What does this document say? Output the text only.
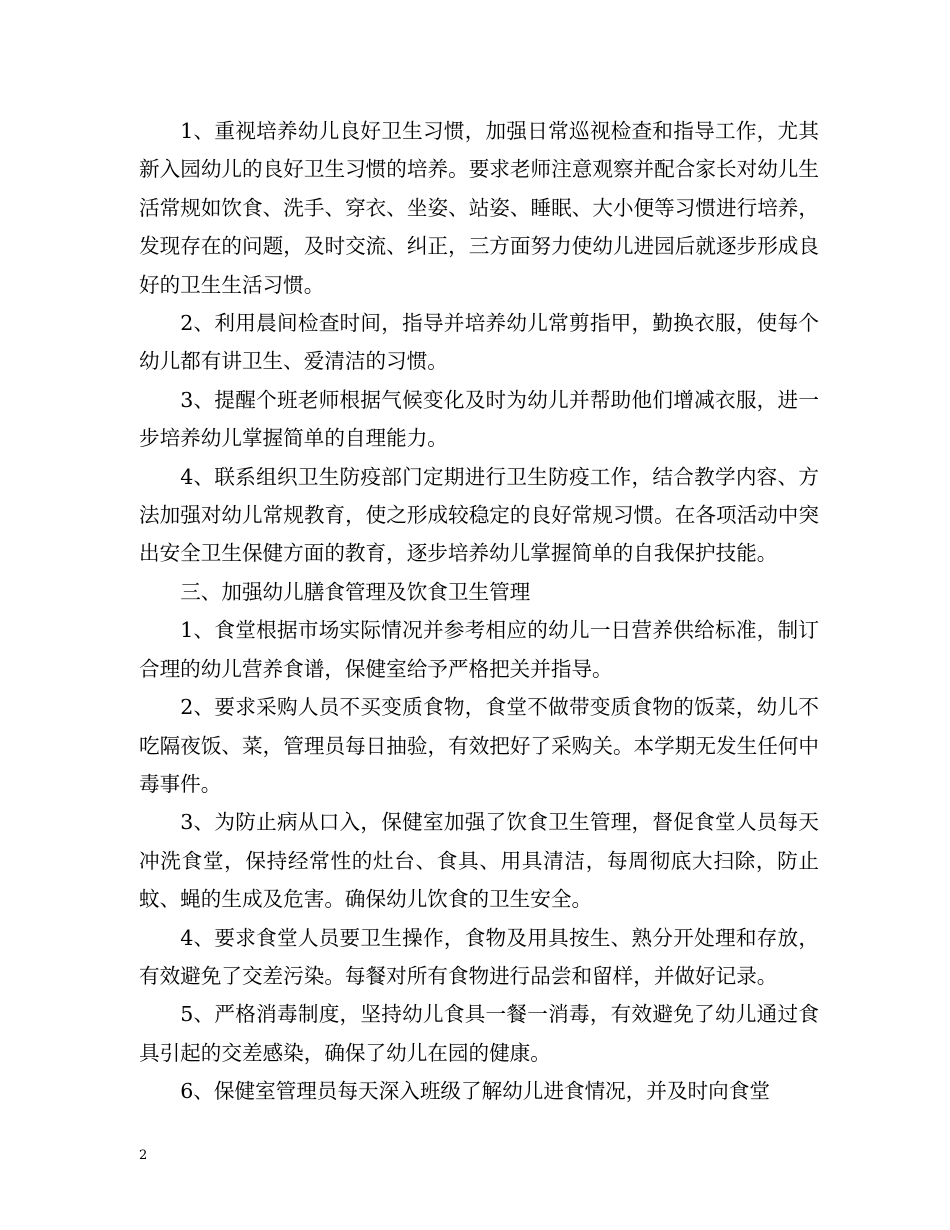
1、重视培养幼儿良好卫生习惯，加强日常巡视检查和指导工作，尤其新入园幼儿的良好卫生习惯的培养。要求老师注意观察并配合家长对幼儿生活常规如饮食、洗手、穿衣、坐姿、站姿、睡眠、大小便等习惯进行培养，发现存在的问题，及时交流、纠正，三方面努力使幼儿进园后就逐步形成良好的卫生生活习惯。

2、利用晨间检查时间，指导并培养幼儿常剪指甲，勤换衣服，使每个幼儿都有讲卫生、爱清洁的习惯。

3、提醒个班老师根据气候变化及时为幼儿并帮助他们增减衣服，进一步培养幼儿掌握简单的自理能力。

4、联系组织卫生防疫部门定期进行卫生防疫工作，结合教学内容、方法加强对幼儿常规教育，使之形成较稳定的良好常规习惯。在各项活动中突出安全卫生保健方面的教育，逐步培养幼儿掌握简单的自我保护技能。

三、加强幼儿膳食管理及饮食卫生管理

1、食堂根据市场实际情况并参考相应的幼儿一日营养供给标准，制订合理的幼儿营养食谱，保健室给予严格把关并指导。

2、要求采购人员不买变质食物，食堂不做带变质食物的饭菜，幼儿不吃隔夜饭、菜，管理员每日抽验，有效把好了采购关。本学期无发生任何中毒事件。

3、为防止病从口入，保健室加强了饮食卫生管理，督促食堂人员每天冲洗食堂，保持经常性的灶台、食具、用具清洁，每周彻底大扫除，防止蚊、蝇的生成及危害。确保幼儿饮食的卫生安全。

4、要求食堂人员要卫生操作，食物及用具按生、熟分开处理和存放，有效避免了交差污染。每餐对所有食物进行品尝和留样，并做好记录。

5、严格消毒制度，坚持幼儿食具一餐一消毒，有效避免了幼儿通过食具引起的交差感染，确保了幼儿在园的健康。

6、保健室管理员每天深入班级了解幼儿进食情况，并及时向食堂

2
